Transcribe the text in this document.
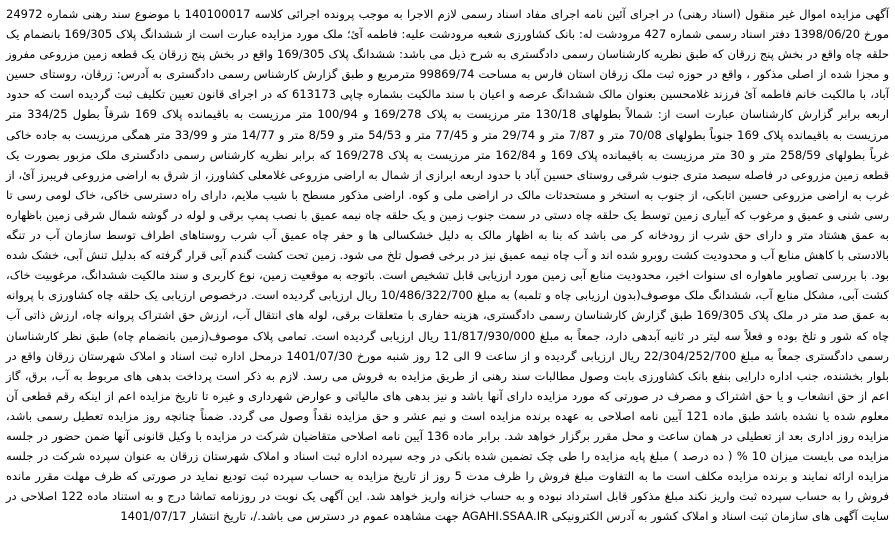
آگهی مزایده اموال غیر منقول (اسناد رهنی) در اجرای آئین نامه اجرای مفاد اسناد رسمی لازم الاجرا به موجب پرونده اجرائی کلاسه 140100017 با موضوع سند رهنی شماره 24972 مورخ 1398/06/20 دفتر اسناد رسمی شماره 427 مرودشت له: بانک کشاورزی شعبه مرودشت علیه: فاطمه آئ؛ ملک مورد مزایده عبارت است از ششدانگ پلاک 169/305 بانضمام یک حلقه چاه واقع در بخش پنج زرقان که طبق نظریه کارشناسان رسمی دادگستری به شرح ذیل می باشد: ششدانگ پلاک 169/305 واقع در بخش پنج زرقان یک قطعه زمین مزروعی مفروز و مجزا شده از اصلی مذکور ، واقع در حوزه ثبت ملک زرقان استان فارس به مساحت 99869/74 مترمربع و طبق گزارش کارشناس رسمی دادگستری به آدرس: زرقان، روستای حسین آباد، با مالکیت خانم فاطمه آئ فرزند غلامحسین بعنوان مالک ششدانگ عرصه و اعیان با سند مالکیت بشماره چاپی 613173 که در اجرای قانون تعیین تکلیف ثبت گردیده است که حدود اربعه برابر گزارش کارشناسان عبارت است از: شمالاً بطولهای 130/18 متر مرزیست به پلاک 169/278 و 100/94 متر مرزیست به باقیمانده پلاک 169 شرقاً بطول 334/25 متر مرزیست به باقیمانده پلاک 169 جنوباً بطولهای 70/08 متر و 7/87 متر و 29/74 متر و 77/45 متر و 54/53 متر و 8/59 متر و 14/77 متر و 33/99 متر همگی مرزیست به جاده خاکی غرباً بطولهای 258/59 متر و 30 متر مرزیست به باقیمانده پلاک 169 و 162/84 متر مرزیست به پلاک 169/278 که برابر نظریه کارشناس رسمی دادگستری ملک مزبور بصورت یک قطعه زمین مزروعی در فاصله سیصد متری جنوب شرقی روستای حسین آباد با حدود اربعه ابرازی از شمال به اراضی مزروعی غلامعلی کشاورز، از شرق به اراضی مزروعی فریبرز آئ، از غرب به اراضی مزروعی حسین اتابکی، از جنوب به استخر و مستحدثات مالک در اراضی ملی و کوه. اراضی مذکور مسطح با شیب ملایم، دارای راه دسترسی خاکی، خاک لومی رسی تا رسی شنی و عمیق و مرغوب که آبیاری زمین توسط یک حلقه چاه دستی در سمت جنوب زمین و یک حلقه چاه نیمه عمیق با نصب پمپ برقی و لوله در گوشه شمال شرقی زمین باظهاره به عمق هشتاد متر و دارای حق شرب از رودخانه کر می باشد که بنا به اظهار مالک به دلیل خشکسالی ها و حفر چاه عمیق آب شرب روستاهای اطراف توسط سازمان آب در تنگه بالادستی با کاهش منابع آب و محدودیت کشت روبرو شده اند و آب چاه نیمه عمیق نیز در برخی فصول تلخ می شود. زمین تحت کشت گندم آبی قرار گرفته که بدلیل تنش آبی، خشک شده بود. با بررسی تصاویر ماهواره ای سنوات اخیر، محدودیت منابع آبی زمین مورد ارزیابی قابل تشخیص است. باتوجه به موقعیت زمین، نوع کاربری و سند مالکیت ششدانگ، مرغوبیت خاک، کشت آبی، مشکل منابع آب، ششدانگ ملک موصوف(بدون ارزیابی چاه و تلمبه) به مبلغ 10/486/322/700 ریال ارزیابی گردیده است. درخصوص ارزیابی یک حلقه چاه کشاورزی با پروانه به عمق صد متر در ملک پلاک 169/305 طبق گزارش کارشناسان رسمی دادگستری، هزینه حفاری با متعلقات برقی، لوله های انتقال آب، ارزش حق اشتراک پروانه چاه، ارزش ذاتی آب چاه که شور و تلخ بوده و فعلاً سه لیتر در ثانیه آبدهی دارد، جمعاً به مبلغ 11/817/930/000 ریال ارزیابی گردیده است. تمامی پلاک موصوف(زمین بانضمام چاه) طبق نظر کارشناسان رسمی دادگستری جمعاً به مبلغ 22/304/252/700 ریال ارزیابی گردیده و از ساعت 9 الی 12 روز شنبه مورخ 1401/07/30 درمحل اداره ثبت اسناد و املاک شهرستان زرقان واقع در بلوار بخشنده، جنب اداره دارایی بنفع بانک کشاورزی بابت وصول مطالبات سند رهنی از طریق مزایده به فروش می رسد. لازم به ذکر است پرداخت بدهی های مربوط به آب، برق، گاز اعم از حق انشعاب و یا حق اشتراک و مصرف در صورتی که مورد مزایده دارای آنها باشد و نیز بدهی های مالیاتی و عوارض شهرداری و غیره تا تاریخ مزایده اعم از اینکه رقم قطعی آن معلوم شده یا نشده باشد طبق ماده 121 آیین نامه اصلاحی به عهده برنده مزایده است و نیم عشر و حق مزایده نقداً وصول می گردد. ضمناً چنانچه روز مزایده تعطیل رسمی باشد، مزایده روز اداری بعد از تعطیلی در همان ساعت و محل مقرر برگزار خواهد شد. برابر ماده 136 آیین نامه اصلاحی متقاضیان شرکت در مزایده با وکیل قانونی آنها ضمن حضور در جلسه مزایده می بایست میزان 10 % ( ده درصد ) مبلغ پایه مزایده را طی چک تضمین شده بانکی در وجه سپرده اداره ثبت اسناد و املاک شهرستان زرقان به عنوان سپرده شرکت در جلسه مزایده ارائه نمایند و برنده مزایده مکلف است ما به التفاوت مبلغ فروش را ظرف مدت 5 روز از تاریخ مزایده به حساب سپرده ثبت تودیع نماید در صورتی که ظرف مهلت مقرر مانده فروش را به حساب سپرده ثبت واریز نکند مبلغ مذکور قابل استرداد نبوده و به حساب خزانه واریز خواهد شد. این آگهی یک نوبت در روزنامه تماشا درج و به استناد ماده 122 اصلاحی در سایت آگهی های سازمان ثبت اسناد و املاک کشور به آدرس الکترونیکی AGAHI.SSAA.IR جهت مشاهده عموم در دسترس می باشد./، تاریخ انتشار 1401/07/17
